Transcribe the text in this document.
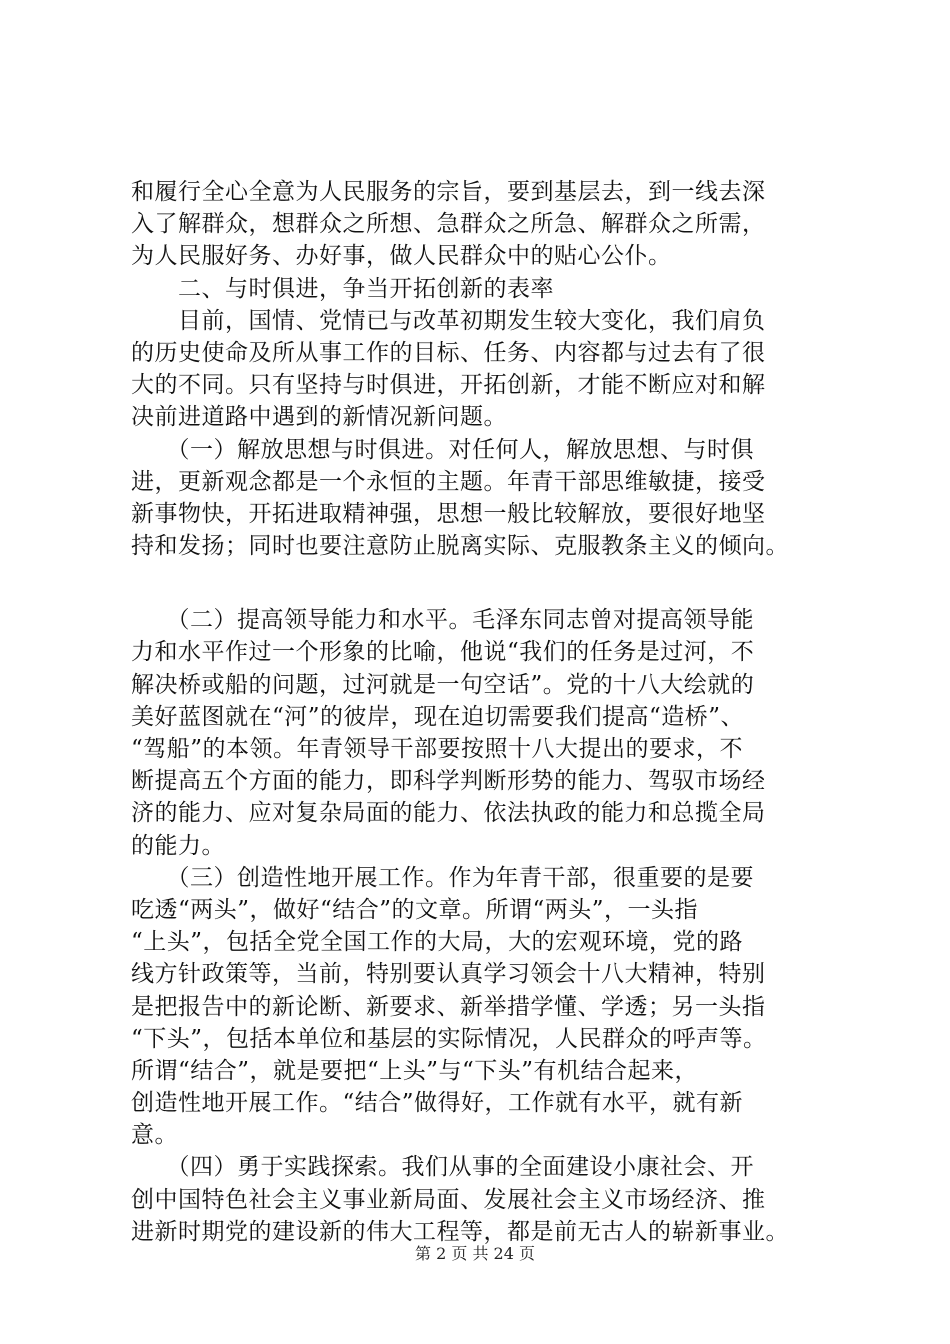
和履行全心全意为人民服务的宗旨，要到基层去，到一线去深
入了解群众，想群众之所想、急群众之所急、解群众之所需，
为人民服好务、办好事，做人民群众中的贴心公仆。
　　二、与时俱进，争当开拓创新的表率
　　目前，国情、党情已与改革初期发生较大变化，我们肩负
的历史使命及所从事工作的目标、任务、内容都与过去有了很
大的不同。只有坚持与时俱进，开拓创新，才能不断应对和解
决前进道路中遇到的新情况新问题。
　　（一）解放思想与时俱进。对任何人，解放思想、与时俱
进，更新观念都是一个永恒的主题。年青干部思维敏捷，接受
新事物快，开拓进取精神强，思想一般比较解放，要很好地坚
持和发扬；同时也要注意防止脱离实际、克服教条主义的倾向。
　　（二）提高领导能力和水平。毛泽东同志曾对提高领导能
力和水平作过一个形象的比喻，他说“我们的任务是过河，不
解决桥或船的问题，过河就是一句空话”。党的十八大绘就的
美好蓝图就在“河”的彼岸，现在迫切需要我们提高“造桥”、
“驾船”的本领。年青领导干部要按照十八大提出的要求，不
断提高五个方面的能力，即科学判断形势的能力、驾驭市场经
济的能力、应对复杂局面的能力、依法执政的能力和总揽全局
的能力。
　　（三）创造性地开展工作。作为年青干部，很重要的是要
吃透“两头”，做好“结合”的文章。所谓“两头”，一头指
“上头”，包括全党全国工作的大局，大的宏观环境，党的路
线方针政策等，当前，特别要认真学习领会十八大精神，特别
是把报告中的新论断、新要求、新举措学懂、学透；另一头指
“下头”，包括本单位和基层的实际情况，人民群众的呼声等。
所谓“结合”，就是要把“上头”与“下头”有机结合起来，
创造性地开展工作。“结合”做得好，工作就有水平，就有新
意。
　　（四）勇于实践探索。我们从事的全面建设小康社会、开
创中国特色社会主义事业新局面、发展社会主义市场经济、推
进新时期党的建设新的伟大工程等，都是前无古人的崭新事业。
第 2 页 共 24 页
